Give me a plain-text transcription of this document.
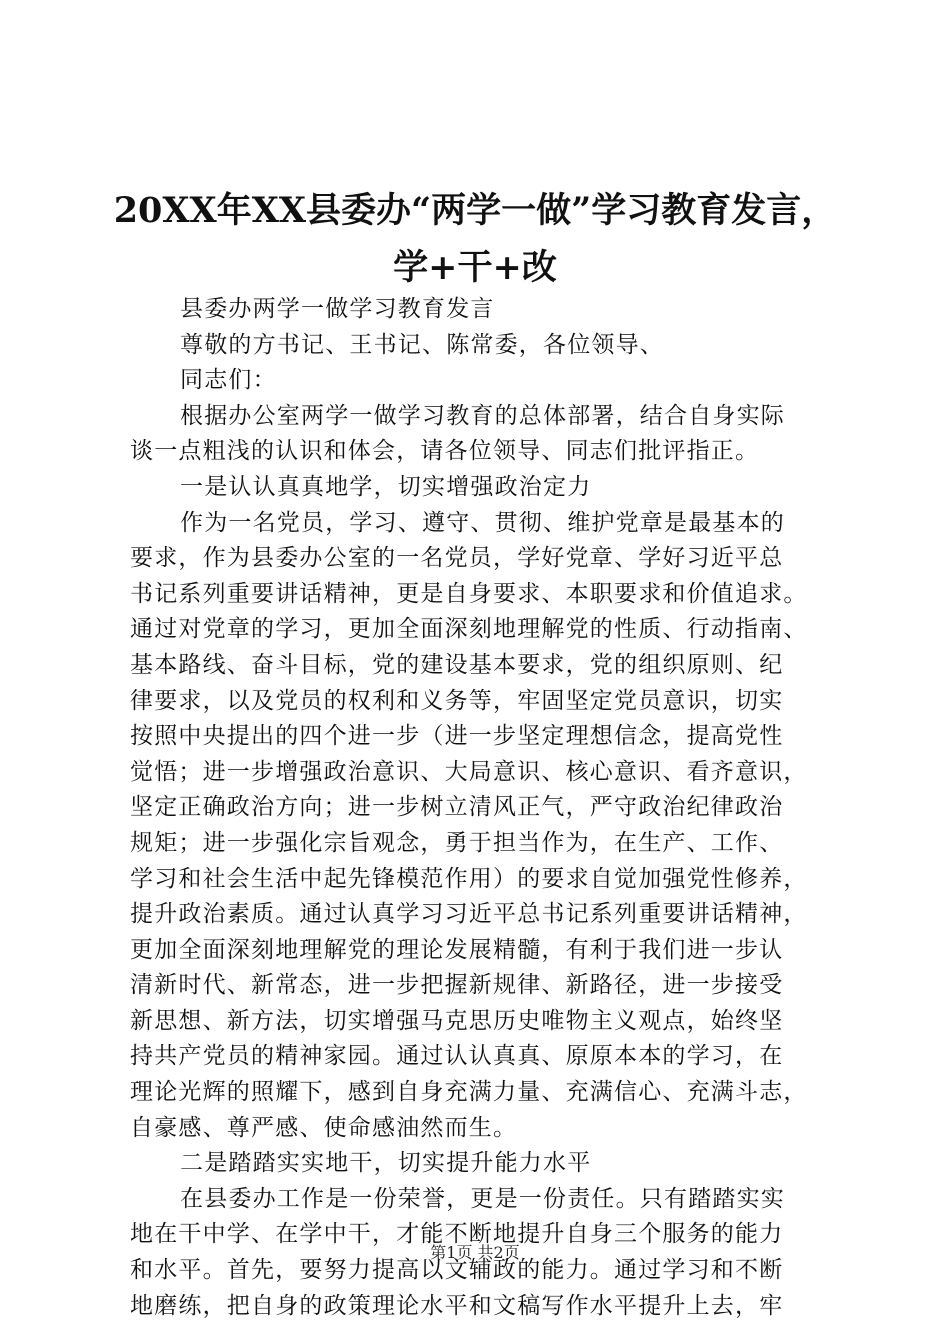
20XX年XX县委办“两学一做”学习教育发言，
学+干+改
县委办两学一做学习教育发言
尊敬的方书记、王书记、陈常委，各位领导、
同志们：
根据办公室两学一做学习教育的总体部署，结合自身实际
谈一点粗浅的认识和体会，请各位领导、同志们批评指正。
一是认认真真地学，切实增强政治定力
作为一名党员，学习、遵守、贯彻、维护党章是最基本的
要求，作为县委办公室的一名党员，学好党章、学好习近平总
书记系列重要讲话精神，更是自身要求、本职要求和价值追求。
通过对党章的学习，更加全面深刻地理解党的性质、行动指南、
基本路线、奋斗目标，党的建设基本要求，党的组织原则、纪
律要求，以及党员的权利和义务等，牢固坚定党员意识，切实
按照中央提出的四个进一步（进一步坚定理想信念，提高党性
觉悟；进一步增强政治意识、大局意识、核心意识、看齐意识，
坚定正确政治方向；进一步树立清风正气，严守政治纪律政治
规矩；进一步强化宗旨观念，勇于担当作为，在生产、工作、
学习和社会生活中起先锋模范作用）的要求自觉加强党性修养，
提升政治素质。通过认真学习习近平总书记系列重要讲话精神，
更加全面深刻地理解党的理论发展精髓，有利于我们进一步认
清新时代、新常态，进一步把握新规律、新路径，进一步接受
新思想、新方法，切实增强马克思历史唯物主义观点，始终坚
持共产党员的精神家园。通过认认真真、原原本本的学习，在
理论光辉的照耀下，感到自身充满力量、充满信心、充满斗志，
自豪感、尊严感、使命感油然而生。
二是踏踏实实地干，切实提升能力水平
在县委办工作是一份荣誉，更是一份责任。只有踏踏实实
地在干中学、在学中干，才能不断地提升自身三个服务的能力
和水平。首先，要努力提高以文辅政的能力。通过学习和不断
地磨练，把自身的政策理论水平和文稿写作水平提升上去，牢
第1页 共2页
